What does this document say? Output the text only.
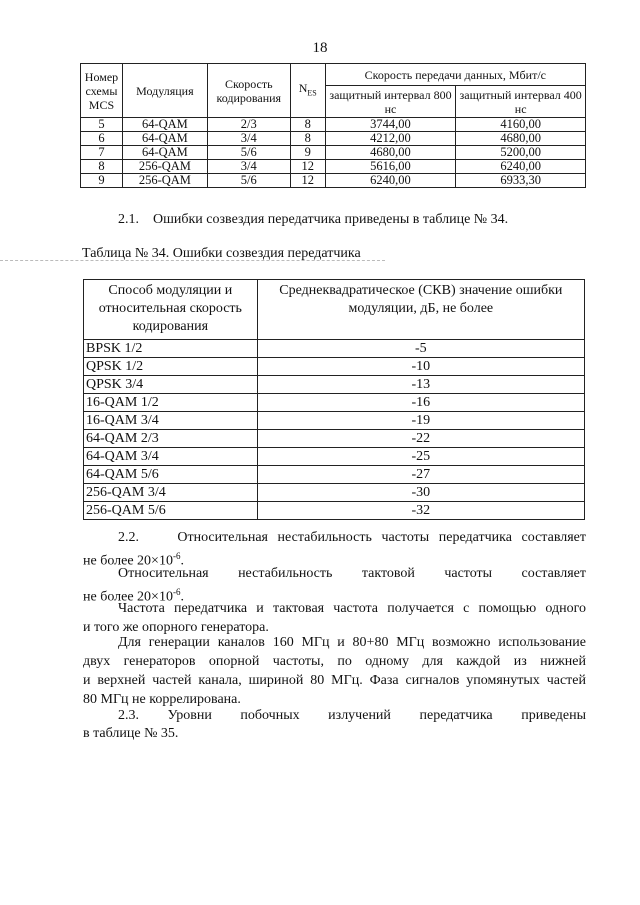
18
Номер схемы MCS	Модуляция	Скорость кодирования	$N_{ES}$	Скорость передачи данных, Мбит/с	
				защитный интервал 800 нс	защитный интервал 400 нс
5	64-QAM	2/3	8	3744,00	4160,00
6	64-QAM	3/4	8	4212,00	4680,00
7	64-QAM	5/6	9	4680,00	5200,00
8	256-QAM	3/4	12	5616,00	6240,00
9	256-QAM	5/6	12	6240,00	6933,30
2.1.    Ошибки созвездия передатчика приведены в таблице № 34.
Таблица № 34. Ошибки созвездия передатчика
Способ модуляции и относительная скорость кодирования	Среднеквадратическое (СКВ) значение ошибки модуляции, дБ, не более
BPSK 1/2	-5
QPSK 1/2	-10
QPSK 3/4	-13
16-QAM 1/2	-16
16-QAM 3/4	-19
64-QAM 2/3	-22
64-QAM 3/4	-25
64-QAM 5/6	-27
256-QAM 3/4	-30
256-QAM 5/6	-32
2.2.    Относительная нестабильность частоты передатчика составляет
не более $20\times 10^{-6}$.
Относительная    нестабильность    тактовой    частоты    составляет
не более $20\times 10^{-6}$.
Частота передатчика и тактовая частота получается с помощью одного
и того же опорного генератора.
Для генерации каналов 160 МГц и 80+80 МГц возможно использование
двух генераторов опорной частоты, по одному для каждой из нижней
и верхней частей канала, шириной 80 МГц. Фаза сигналов упомянутых частей
80 МГц не коррелирована.
2.3.    Уровни    побочных    излучений    передатчика    приведены
в таблице № 35.
